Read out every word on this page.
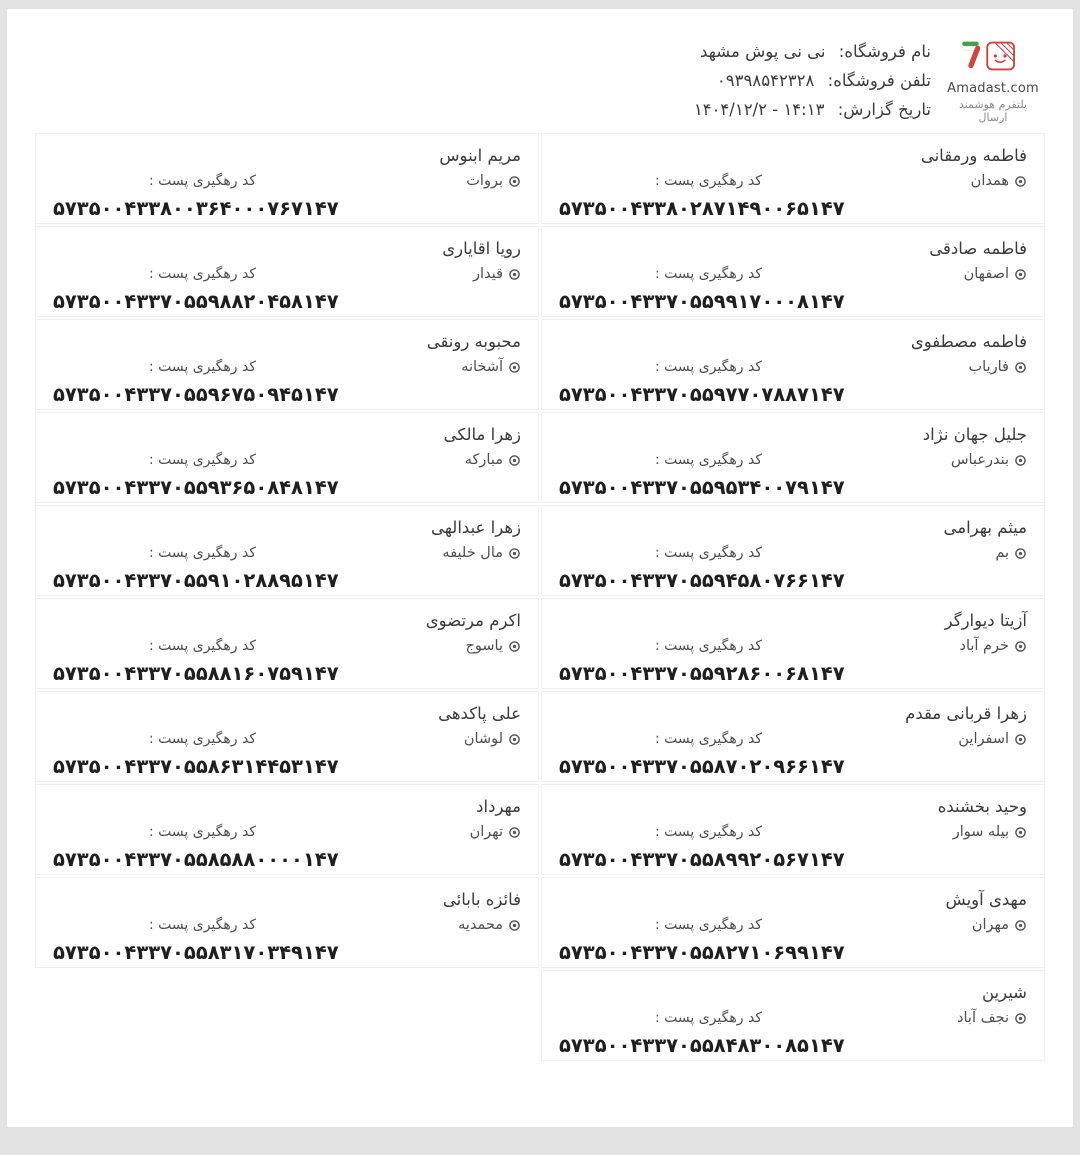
Amadast.com
پلتفرم هوشمند ارسال
نام فروشگاه: نی نی پوش مشهد
تلفن فروشگاه: ۰۹۳۹۸۵۴۲۳۲۸
تاریخ گزارش: ۱۴:۱۳ - ۱۴۰۴/۱۲/۲
فاطمه ورمقانی
همدان
کد رهگیری پست :
۵۷۳۵۰۰۴۳۳۸۰۲۸۷۱۴۹۰۰۶۵۱۴۷
مریم ابنوس
بروات
کد رهگیری پست :
۵۷۳۵۰۰۴۳۳۸۰۰۳۶۴۰۰۰۷۶۷۱۴۷
فاطمه صادقی
اصفهان
کد رهگیری پست :
۵۷۳۵۰۰۴۳۳۷۰۵۵۹۹۱۷۰۰۰۸۱۴۷
رویا اقایاری
قیدار
کد رهگیری پست :
۵۷۳۵۰۰۴۳۳۷۰۵۵۹۸۸۲۰۴۵۸۱۴۷
فاطمه مصطفوی
فاریاب
کد رهگیری پست :
۵۷۳۵۰۰۴۳۳۷۰۵۵۹۷۷۰۷۸۸۷۱۴۷
محبوبه رونقی
آشخانه
کد رهگیری پست :
۵۷۳۵۰۰۴۳۳۷۰۵۵۹۶۷۵۰۹۴۵۱۴۷
جلیل جهان نژاد
بندرعباس
کد رهگیری پست :
۵۷۳۵۰۰۴۳۳۷۰۵۵۹۵۳۴۰۰۷۹۱۴۷
زهرا مالکی
مبارکه
کد رهگیری پست :
۵۷۳۵۰۰۴۳۳۷۰۵۵۹۳۶۵۰۸۴۸۱۴۷
میثم بهرامی
بم
کد رهگیری پست :
۵۷۳۵۰۰۴۳۳۷۰۵۵۹۴۵۸۰۷۶۶۱۴۷
زهرا عبدالهی
مال خلیفه
کد رهگیری پست :
۵۷۳۵۰۰۴۳۳۷۰۵۵۹۱۰۲۸۸۹۵۱۴۷
آزیتا دیوارگر
خرم آباد
کد رهگیری پست :
۵۷۳۵۰۰۴۳۳۷۰۵۵۹۲۸۶۰۰۶۸۱۴۷
اکرم مرتضوی
یاسوج
کد رهگیری پست :
۵۷۳۵۰۰۴۳۳۷۰۵۵۸۸۱۶۰۷۵۹۱۴۷
زهرا قربانی مقدم
اسفراین
کد رهگیری پست :
۵۷۳۵۰۰۴۳۳۷۰۵۵۸۷۰۲۰۹۶۶۱۴۷
علی پاکدهی
لوشان
کد رهگیری پست :
۵۷۳۵۰۰۴۳۳۷۰۵۵۸۶۳۱۴۴۵۳۱۴۷
وحید بخشنده
بیله سوار
کد رهگیری پست :
۵۷۳۵۰۰۴۳۳۷۰۵۵۸۹۹۲۰۵۶۷۱۴۷
مهرداد
تهران
کد رهگیری پست :
۵۷۳۵۰۰۴۳۳۷۰۵۵۸۵۸۸۰۰۰۰۱۴۷
مهدی آویش
مهران
کد رهگیری پست :
۵۷۳۵۰۰۴۳۳۷۰۵۵۸۲۷۱۰۶۹۹۱۴۷
فائزه بابائی
محمدیه
کد رهگیری پست :
۵۷۳۵۰۰۴۳۳۷۰۵۵۸۳۱۷۰۳۴۹۱۴۷
شیرین
نجف آباد
کد رهگیری پست :
۵۷۳۵۰۰۴۳۳۷۰۵۵۸۴۸۳۰۰۸۵۱۴۷
